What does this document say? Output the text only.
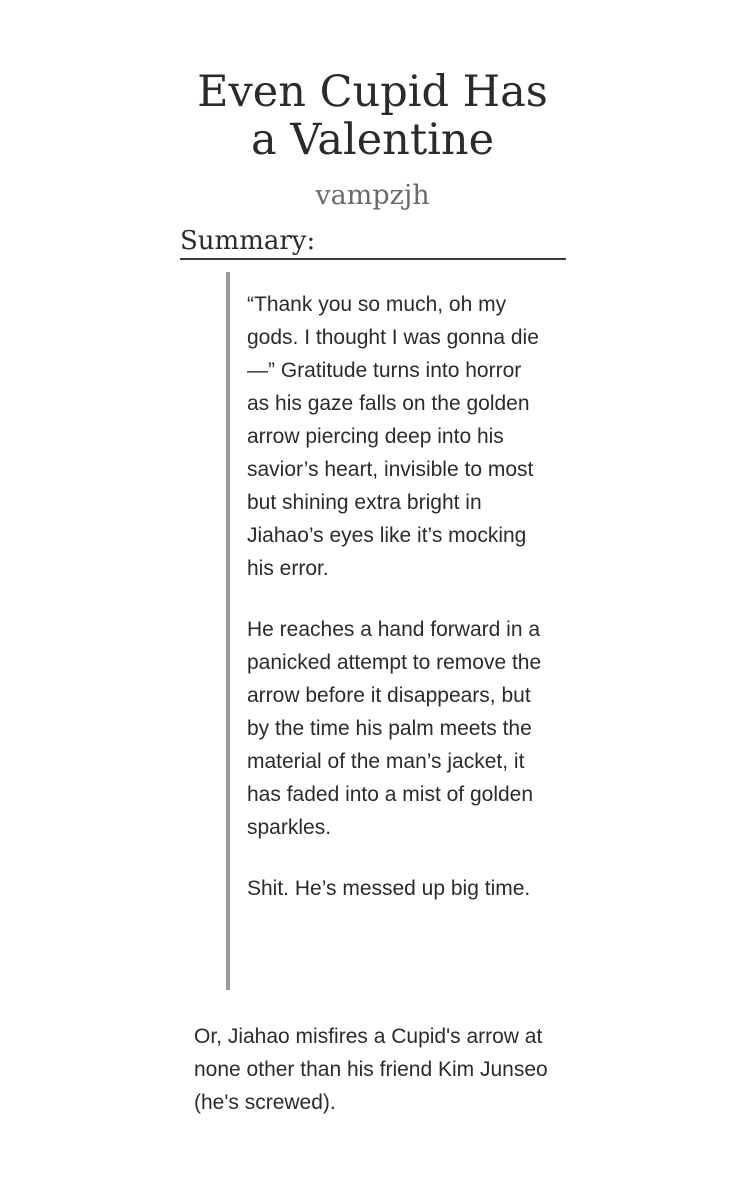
Even Cupid Has
a Valentine
vampzjh
Summary:

“Thank you so much, oh my gods. I thought I was gonna die—” Gratitude turns into horror as his gaze falls on the golden arrow piercing deep into his savior’s heart, invisible to most but shining extra bright in Jiahao’s eyes like it’s mocking his error.

He reaches a hand forward in a panicked attempt to remove the arrow before it disappears, but by the time his palm meets the material of the man’s jacket, it has faded into a mist of golden sparkles.

Shit. He’s messed up big time.

Or, Jiahao misfires a Cupid's arrow at none other than his friend Kim Junseo (he's screwed).
